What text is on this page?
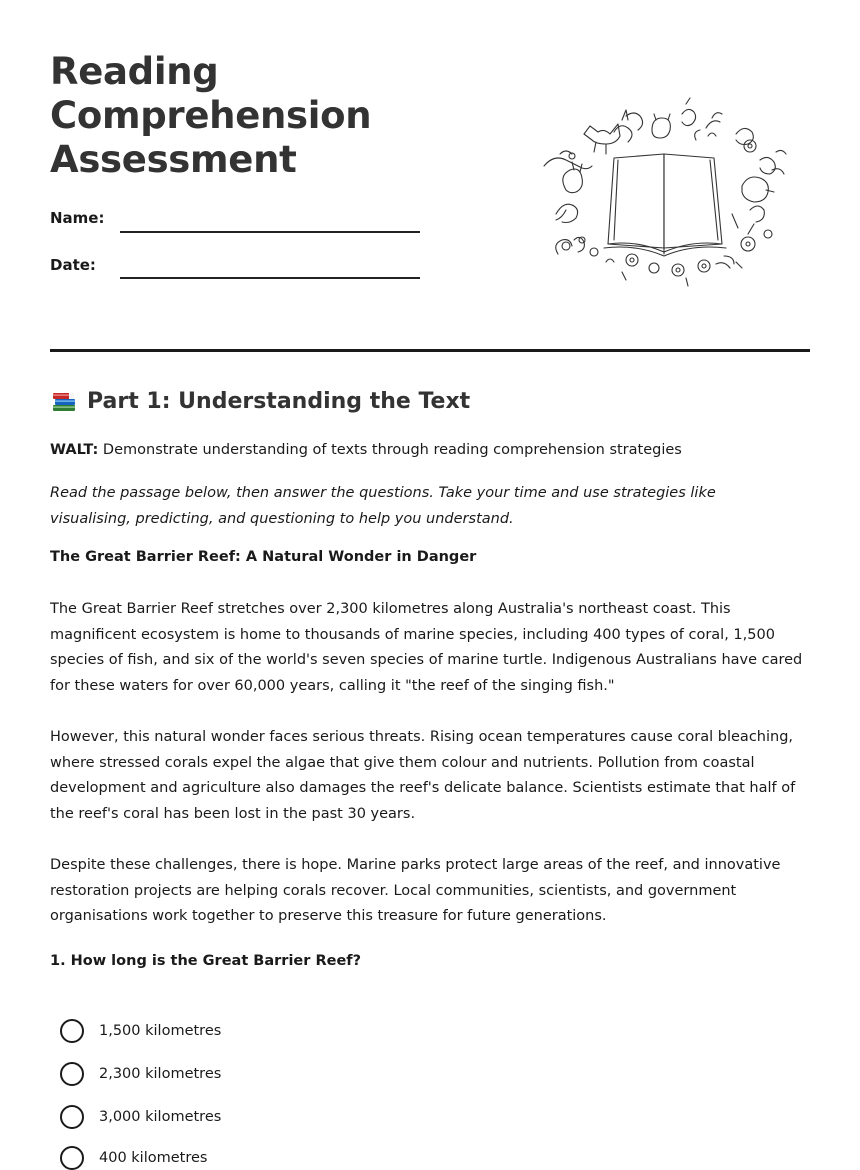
Reading
Comprehension
Assessment
Name:
Date:
Part 1: Understanding the Text
WALT: Demonstrate understanding of texts through reading comprehension strategies
Read the passage below, then answer the questions. Take your time and use strategies like visualising, predicting, and questioning to help you understand.
The Great Barrier Reef: A Natural Wonder in Danger

The Great Barrier Reef stretches over 2,300 kilometres along Australia's northeast coast. This magnificent ecosystem is home to thousands of marine species, including 400 types of coral, 1,500 species of fish, and six of the world's seven species of marine turtle. Indigenous Australians have cared for these waters for over 60,000 years, calling it "the reef of the singing fish."

However, this natural wonder faces serious threats. Rising ocean temperatures cause coral bleaching, where stressed corals expel the algae that give them colour and nutrients. Pollution from coastal development and agriculture also damages the reef's delicate balance. Scientists estimate that half of the reef's coral has been lost in the past 30 years.

Despite these challenges, there is hope. Marine parks protect large areas of the reef, and innovative restoration projects are helping corals recover. Local communities, scientists, and government organisations work together to preserve this treasure for future generations.

1. How long is the Great Barrier Reef?
1,500 kilometres
2,300 kilometres
3,000 kilometres
400 kilometres
